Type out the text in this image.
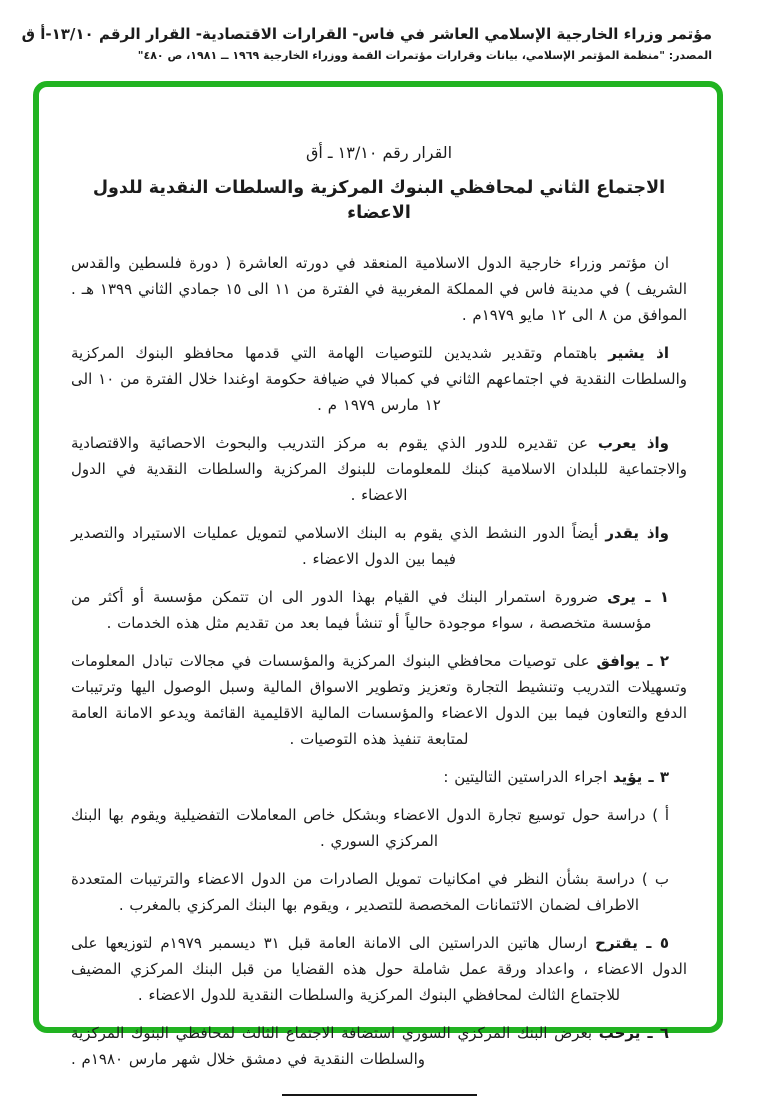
مؤتمر وزراء الخارجية الإسلامي العاشر في فاس- القرارات الاقتصادية- القرار الرقم ١٣/١٠-أ ق
المصدر: "منظمة المؤتمر الإسلامي، بيانات وقرارات مؤتمرات القمة ووزراء الخارجية ١٩٦٩ ــ ١٩٨١، ص ٤٨٠"
القرار رقم ١٣/١٠ ـ أق
الاجتماع الثاني لمحافظي البنوك المركزية والسلطات النقدية للدول الاعضاء

ان مؤتمر وزراء خارجية الدول الاسلامية المنعقد في دورته العاشرة ( دورة فلسطين والقدس الشريف ) في مدينة فاس في المملكة المغربية في الفترة من ١١ الى ١٥ جمادي الثاني ١٣٩٩ هـ . الموافق من ٨ الى ١٢ مايو ١٩٧٩م .

اذ يشير باهتمام وتقدير شديدين للتوصيات الهامة التي قدمها محافظو البنوك المركزية والسلطات النقدية في اجتماعهم الثاني في كمبالا في ضيافة حكومة اوغندا خلال الفترة من ١٠ الى ١٢ مارس ١٩٧٩ م .

واذ يعرب عن تقديره للدور الذي يقوم به مركز التدريب والبحوث الاحصائية والاقتصادية والاجتماعية للبلدان الاسلامية كبنك للمعلومات للبنوك المركزية والسلطات النقدية في الدول الاعضاء .

واذ يقدر أيضاً الدور النشط الذي يقوم به البنك الاسلامي لتمويل عمليات الاستيراد والتصدير فيما بين الدول الاعضاء .

١ ـ يرى ضرورة استمرار البنك في القيام بهذا الدور الى ان تتمكن مؤسسة أو أكثر من مؤسسة متخصصة ، سواء موجودة حالياً أو تنشأ فيما بعد من تقديم مثل هذه الخدمات .

٢ ـ يوافق على توصيات محافظي البنوك المركزية والمؤسسات في مجالات تبادل المعلومات وتسهيلات التدريب وتنشيط التجارة وتعزيز وتطوير الاسواق المالية وسبل الوصول اليها وترتيبات الدفع والتعاون فيما بين الدول الاعضاء والمؤسسات المالية الاقليمية القائمة ويدعو الامانة العامة لمتابعة تنفيذ هذه التوصيات .

٣ ـ يؤيد اجراء الدراستين التاليتين :

أ ) دراسة حول توسيع تجارة الدول الاعضاء وبشكل خاص المعاملات التفضيلية ويقوم بها البنك المركزي السوري .

ب ) دراسة بشأن النظر في امكانيات تمويل الصادرات من الدول الاعضاء والترتيبات المتعددة الاطراف لضمان الائتمانات المخصصة للتصدير ، ويقوم بها البنك المركزي بالمغرب .

٥ ـ يقترح ارسال هاتين الدراستين الى الامانة العامة قبل ٣١ ديسمبر ١٩٧٩م لتوزيعها على الدول الاعضاء ، واعداد ورقة عمل شاملة حول هذه القضايا من قبل البنك المركزي المضيف للاجتماع الثالث لمحافظي البنوك المركزية والسلطات النقدية للدول الاعضاء .

٦ ـ يرحب بعرض البنك المركزي السوري استضافة الاجتماع الثالث لمحافظي البنوك المركزية والسلطات النقدية في دمشق خلال شهر مارس ١٩٨٠م .
